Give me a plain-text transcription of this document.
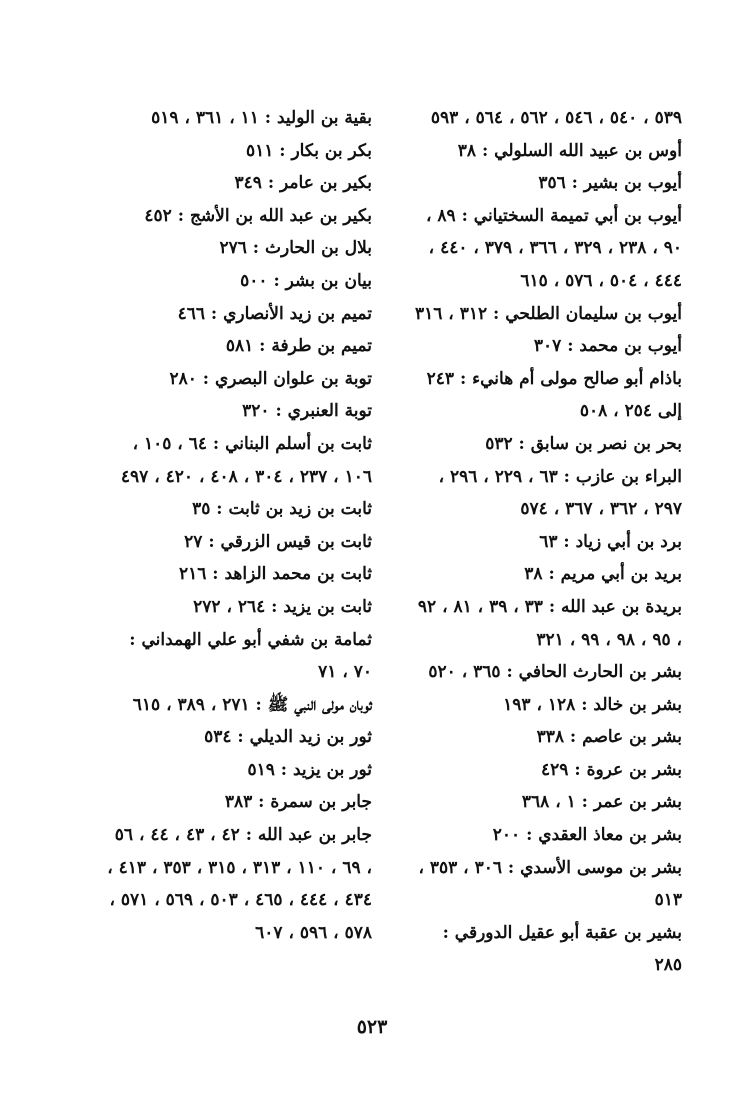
٥٣٩ ، ٥٤٠ ، ٥٤٦ ، ٥٦٢ ، ٥٦٤ ، ٥٩٣

أوس بن عبيد الله السلولي : ٣٨

أيوب بن بشير : ٣٥٦

أيوب بن أبي تميمة السختياني : ٨٩ ، ٩٠ ، ٢٣٨ ، ٣٢٩ ، ٣٦٦ ، ٣٧٩ ، ٤٤٠ ، ٤٤٤ ، ٥٠٤ ، ٥٧٦ ، ٦١٥

أيوب بن سليمان الطلحي : ٣١٢ ، ٣١٦

أيوب بن محمد : ٣٠٧

باذام أبو صالح مولى أم هانيء : ٢٤٣ إلى ٢٥٤ ، ٥٠٨

بحر بن نصر بن سابق : ٥٣٢

البراء بن عازب : ٦٣ ، ٢٢٩ ، ٢٩٦ ، ٢٩٧ ، ٣٦٢ ، ٣٦٧ ، ٥٧٤

برد بن أبي زياد : ٦٣

بريد بن أبي مريم : ٣٨

بريدة بن عبد الله : ٣٣ ، ٣٩ ، ٨١ ، ٩٢ ، ٩٥ ، ٩٨ ، ٩٩ ، ٣٢١

بشر بن الحارث الحافي : ٣٦٥ ، ٥٢٠

بشر بن خالد : ١٢٨ ، ١٩٣

بشر بن عاصم : ٣٣٨

بشر بن عروة : ٤٢٩

بشر بن عمر : ١ ، ٣٦٨

بشر بن معاذ العقدي : ٢٠٠

بشر بن موسى الأسدي : ٣٠٦ ، ٣٥٣ ، ٥١٣

بشير بن عقبة أبو عقيل الدورقي : ٢٨٥

بقية بن الوليد : ١١ ، ٣٦١ ، ٥١٩

بكر بن بكار : ٥١١

بكير بن عامر : ٣٤٩

بكير بن عبد الله بن الأشج : ٤٥٢

بلال بن الحارث : ٢٧٦

بيان بن بشر : ٥٠٠

تميم بن زيد الأنصاري : ٤٦٦

تميم بن طرفة : ٥٨١

توبة بن علوان البصري : ٢٨٠

توبة العنبري : ٣٢٠

ثابت بن أسلم البناني : ٦٤ ، ١٠٥ ، ١٠٦ ، ٢٣٧ ، ٣٠٤ ، ٤٠٨ ، ٤٢٠ ، ٤٩٧

ثابت بن زيد بن ثابت : ٣٥

ثابت بن قيس الزرقي : ٢٧

ثابت بن محمد الزاهد : ٢١٦

ثابت بن يزيد : ٢٦٤ ، ٢٧٢

ثمامة بن شفي أبو علي الهمداني : ٧٠ ، ٧١

ثوبان مولى النبي ﷺ : ٢٧١ ، ٣٨٩ ، ٦١٥

ثور بن زيد الديلي : ٥٣٤

ثور بن يزيد : ٥١٩

جابر بن سمرة : ٣٨٣

جابر بن عبد الله : ٤٢ ، ٤٣ ، ٤٤ ، ٥٦ ، ٦٩ ، ١١٠ ، ٣١٣ ، ٣١٥ ، ٣٥٣ ، ٤١٣ ، ٤٣٤ ، ٤٤٤ ، ٤٦٥ ، ٥٠٣ ، ٥٦٩ ، ٥٧١ ، ٥٧٨ ، ٥٩٦ ، ٦٠٧

٥٢٣
